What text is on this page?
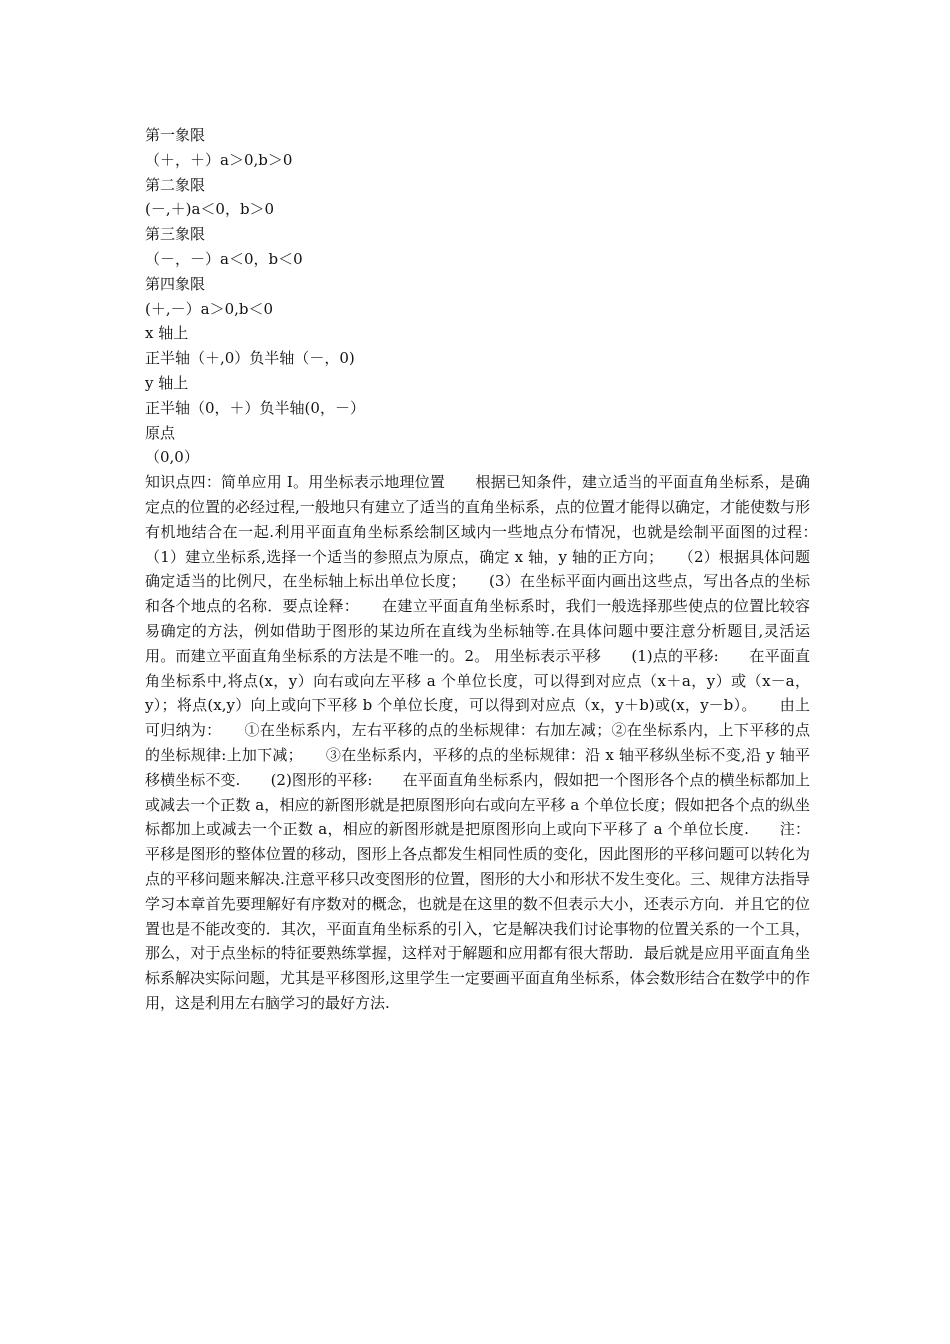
第一象限
（＋，＋）a＞0,b＞0
第二象限
(－,＋)a＜0，b＞0
第三象限
（－，－）a＜0，b＜0
第四象限
(＋,－）a＞0,b＜0
x 轴上
正半轴（＋,0）负半轴（－，0)
y 轴上
正半轴（0，＋）负半轴(0，－）
原点
（0,0）

知识点四：简单应用 I。用坐标表示地理位置　　根据已知条件，建立适当的平面直角坐标系，是确定点的位置的必经过程,一般地只有建立了适当的直角坐标系，点的位置才能得以确定，才能使数与形有机地结合在一起.利用平面直角坐标系绘制区域内一些地点分布情况，也就是绘制平面图的过程：　　（1）建立坐标系,选择一个适当的参照点为原点，确定 x 轴，y 轴的正方向；　　（2）根据具体问题确定适当的比例尺，在坐标轴上标出单位长度；　　(3）在坐标平面内画出这些点，写出各点的坐标和各个地点的名称．要点诠释：　　在建立平面直角坐标系时，我们一般选择那些使点的位置比较容易确定的方法，例如借助于图形的某边所在直线为坐标轴等.在具体问题中要注意分析题目,灵活运用。而建立平面直角坐标系的方法是不唯一的。2。 用坐标表示平移　　(1)点的平移:　　在平面直角坐标系中,将点(x，y）向右或向左平移 a 个单位长度，可以得到对应点（x＋a，y）或（x－a，y）；将点(x,y）向上或向下平移 b 个单位长度，可以得到对应点（x，y＋b)或(x，y－b）。　　由上可归纳为：　　①在坐标系内，左右平移的点的坐标规律：右加左减；②在坐标系内，上下平移的点的坐标规律:上加下减；　　③在坐标系内，平移的点的坐标规律：沿 x 轴平移纵坐标不变,沿 y 轴平移横坐标不变.　　(2)图形的平移:　　在平面直角坐标系内，假如把一个图形各个点的横坐标都加上或减去一个正数 a，相应的新图形就是把原图形向右或向左平移 a 个单位长度；假如把各个点的纵坐标都加上或减去一个正数 a，相应的新图形就是把原图形向上或向下平移了 a 个单位长度.　　注：平移是图形的整体位置的移动，图形上各点都发生相同性质的变化，因此图形的平移问题可以转化为点的平移问题来解决.注意平移只改变图形的位置，图形的大小和形状不发生变化。三、规律方法指导　　学习本章首先要理解好有序数对的概念，也就是在这里的数不但表示大小，还表示方向．并且它的位置也是不能改变的．其次，平面直角坐标系的引入，它是解决我们讨论事物的位置关系的一个工具，那么，对于点坐标的特征要熟练掌握，这样对于解题和应用都有很大帮助．最后就是应用平面直角坐标系解决实际问题，尤其是平移图形,这里学生一定要画平面直角坐标系，体会数形结合在数学中的作用，这是利用左右脑学习的最好方法.
